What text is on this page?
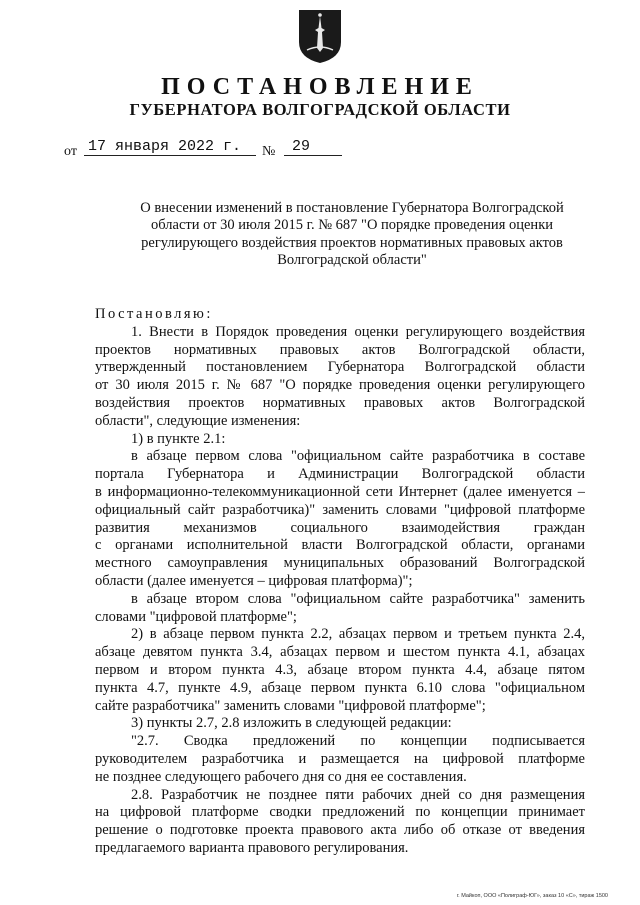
ПОСТАНОВЛЕНИЕ
ГУБЕРНАТОРА ВОЛГОГРАДСКОЙ ОБЛАСТИ
от 17 января 2022 г.	№	29
О внесении изменений в постановление Губернатора Волгоградской
области от 30 июля 2015 г. № 687 "О порядке проведения оценки
регулирующего воздействия проектов нормативных правовых актов
Волгоградской области"
Постановляю:
1. Внести в Порядок проведения оценки регулирующего воздействия
проектов нормативных правовых актов Волгоградской области,
утвержденный постановлением Губернатора Волгоградской области
от 30 июля 2015 г. № 687 "О порядке проведения оценки регулирующего
воздействия проектов нормативных правовых актов Волгоградской
области", следующие изменения:
1) в пункте 2.1:
в абзаце первом слова "официальном сайте разработчика в составе
портала Губернатора и Администрации Волгоградской области
в информационно-телекоммуникационной сети Интернет (далее именуется –
официальный сайт разработчика)" заменить словами "цифровой платформе
развития механизмов социального взаимодействия граждан
с органами исполнительной власти Волгоградской области, органами
местного самоуправления муниципальных образований Волгоградской
области (далее именуется – цифровая платформа)";
в абзаце втором слова "официальном сайте разработчика" заменить
словами "цифровой платформе";
2) в абзаце первом пункта 2.2, абзацах первом и третьем пункта 2.4,
абзаце девятом пункта 3.4, абзацах первом и шестом пункта 4.1, абзацах
первом и втором пункта 4.3, абзаце втором пункта 4.4, абзаце пятом
пункта 4.7, пункте 4.9, абзаце первом пункта 6.10 слова "официальном
сайте разработчика" заменить словами "цифровой платформе";
3) пункты 2.7, 2.8 изложить в следующей редакции:
"2.7. Сводка предложений по концепции подписывается
руководителем разработчика и размещается на цифровой платформе
не позднее следующего рабочего дня со дня ее составления.
2.8. Разработчик не позднее пяти рабочих дней со дня размещения
на цифровой платформе сводки предложений по концепции принимает
решение о подготовке проекта правового акта либо об отказе от введения
предлагаемого варианта правового регулирования.
г. Майкоп, ООО «Полиграф-ЮГ», заказ 10 «С», тираж 1500
